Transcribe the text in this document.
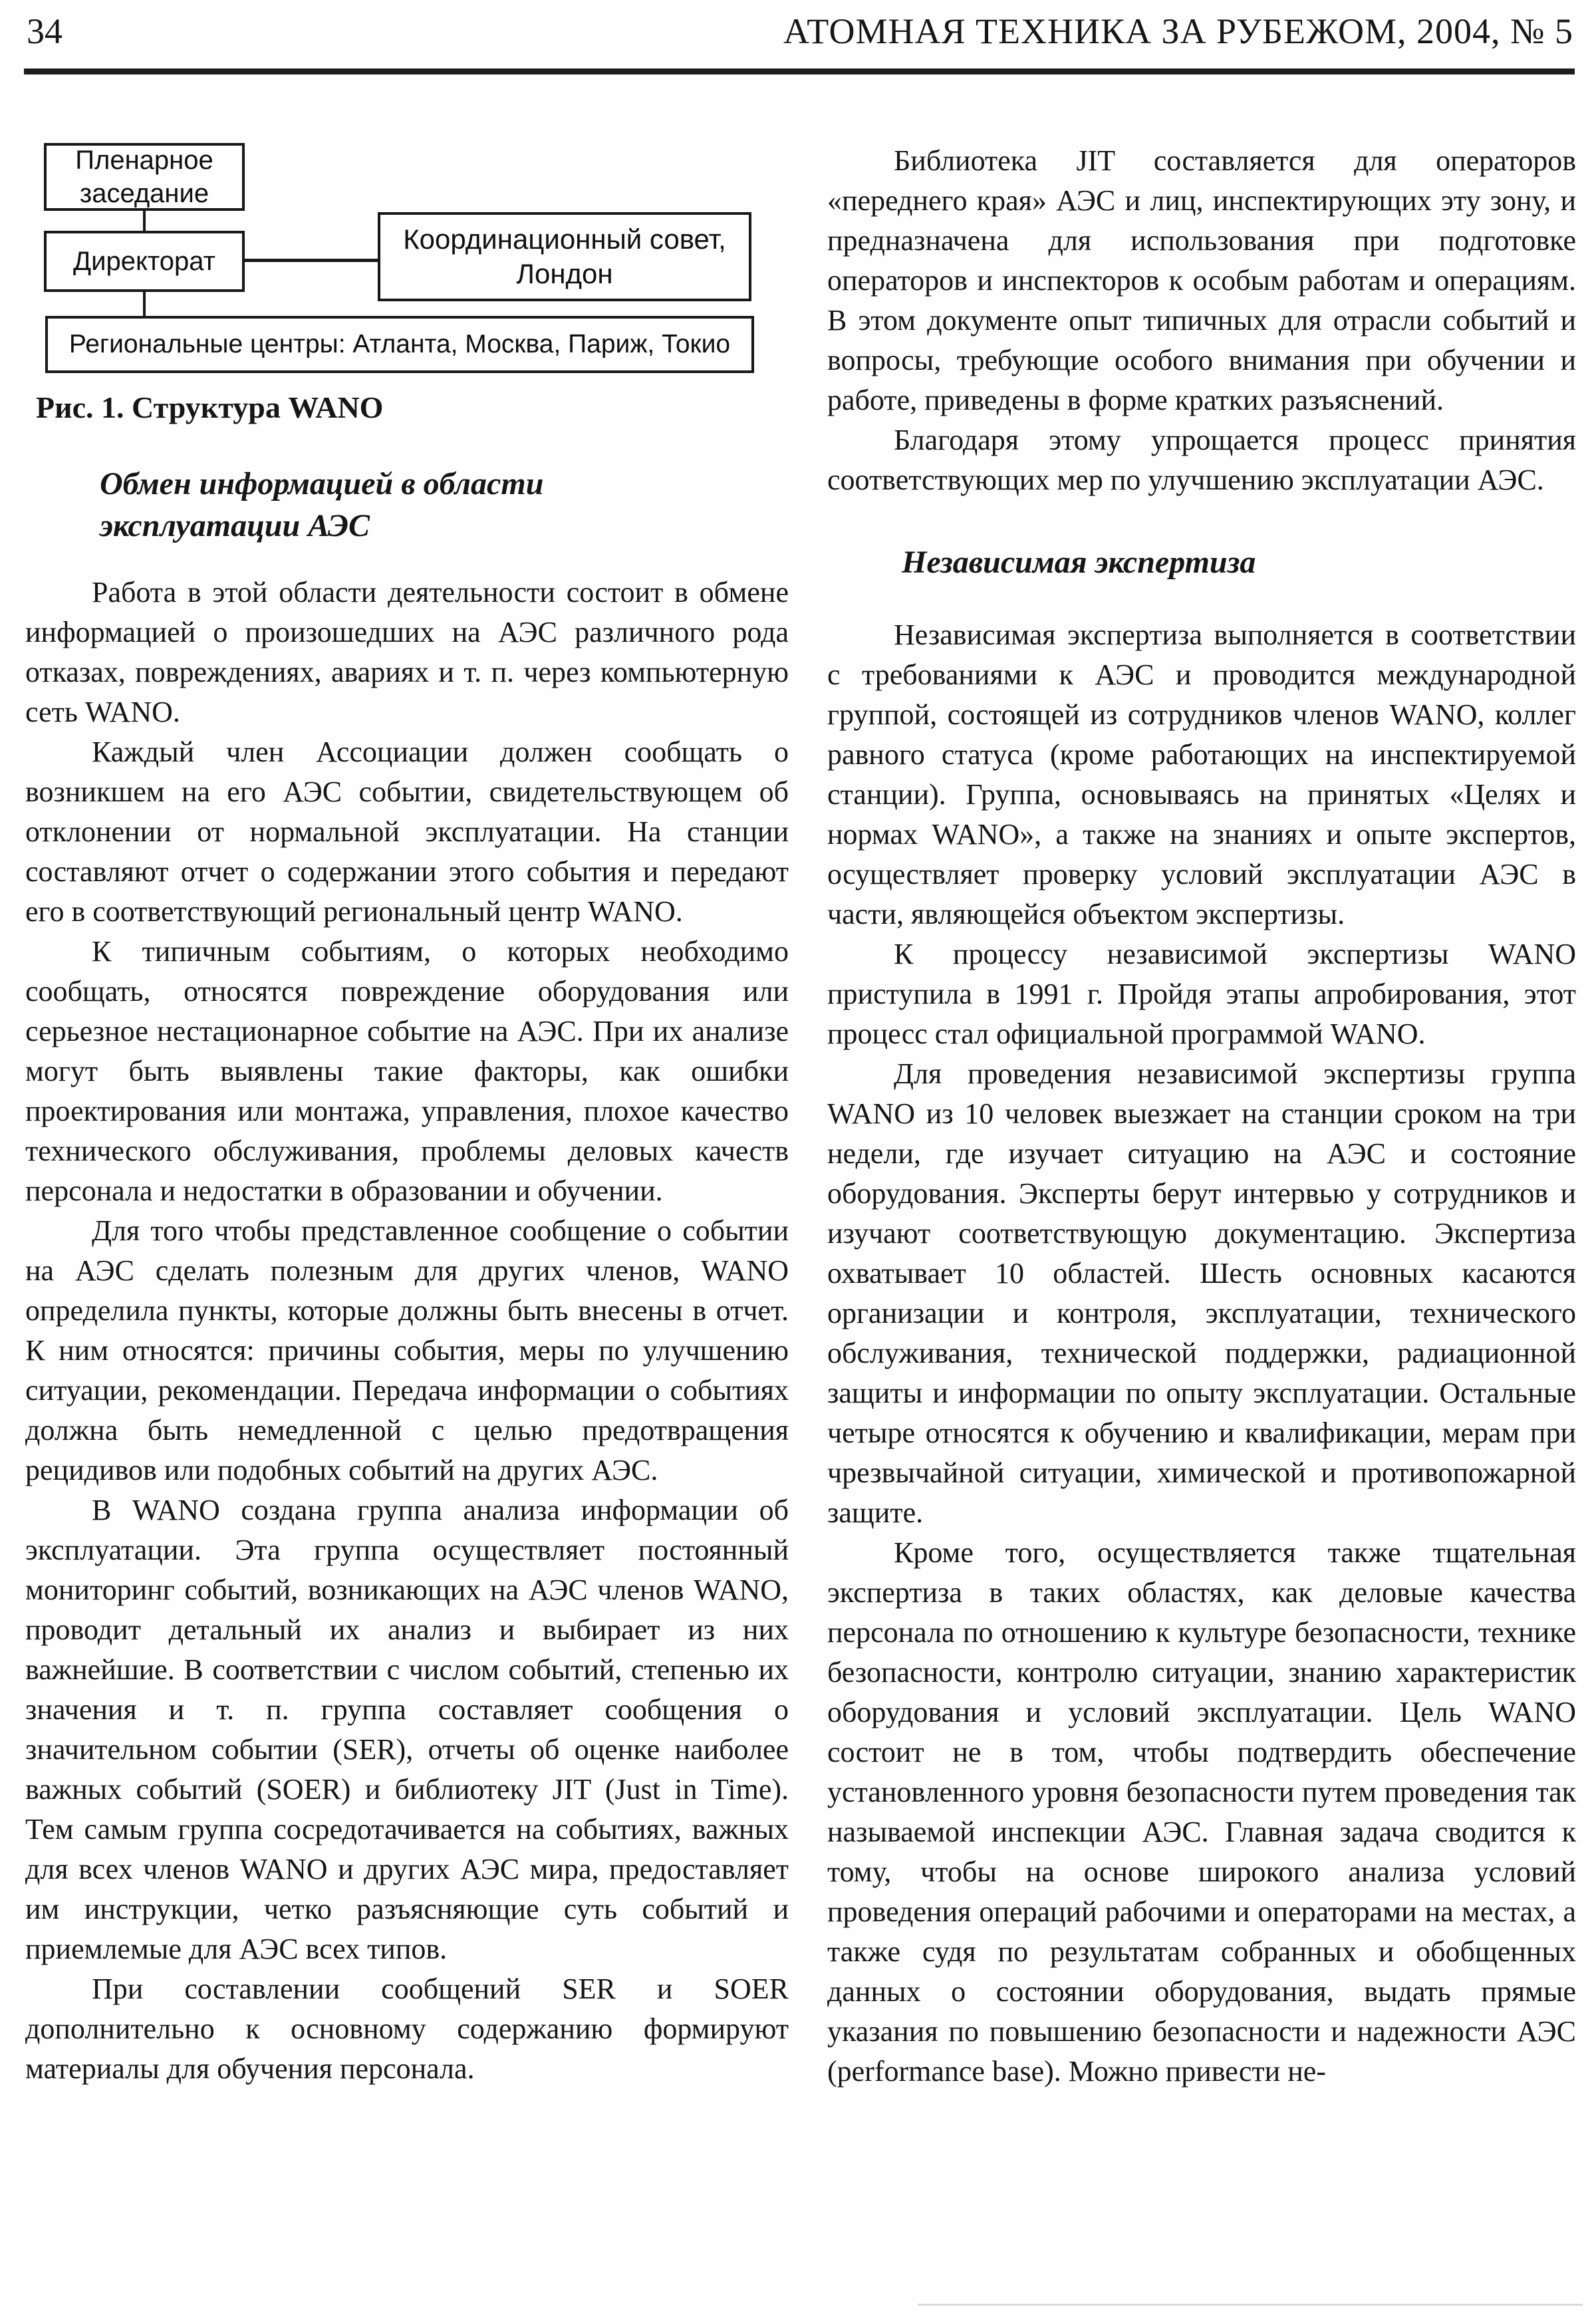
34	АТОМНАЯ ТЕХНИКА ЗА РУБЕЖОМ, 2004, № 5
Пленарное заседание
Директорат
Координационный совет, Лондон
Региональные центры: Атланта, Москва, Париж, Токио
Рис. 1. Структура WANO
Обмен информацией в области эксплуатации АЭС

Работа в этой области деятельности состоит в обмене информацией о произошедших на АЭС различного рода отказах, повреждениях, авариях и т. п. через компьютерную сеть WANO.

Каждый член Ассоциации должен сообщать о возникшем на его АЭС событии, свидетельствующем об отклонении от нормальной эксплуатации. На станции составляют отчет о содержании этого события и передают его в соответствующий региональный центр WANO.

К типичным событиям, о которых необходимо сообщать, относятся повреждение оборудования или серьезное нестационарное событие на АЭС. При их анализе могут быть выявлены такие факторы, как ошибки проектирования или монтажа, управления, плохое качество технического обслуживания, проблемы деловых качеств персонала и недостатки в образовании и обучении.

Для того чтобы представленное сообщение о событии на АЭС сделать полезным для других членов, WANO определила пункты, которые должны быть внесены в отчет. К ним относятся: причины события, меры по улучшению ситуации, рекомендации. Передача информации о событиях должна быть немедленной с целью предотвращения рецидивов или подобных событий на других АЭС.

В WANO создана группа анализа информации об эксплуатации. Эта группа осуществляет постоянный мониторинг событий, возникающих на АЭС членов WANO, проводит детальный их анализ и выбирает из них важнейшие. В соответствии с числом событий, степенью их значения и т. п. группа составляет сообщения о значительном событии (SER), отчеты об оценке наиболее важных событий (SOER) и библиотеку JIT (Just in Time). Тем самым группа сосредотачивается на событиях, важных для всех членов WANO и других АЭС мира, предоставляет им инструкции, четко разъясняющие суть событий и приемлемые для АЭС всех типов.

При составлении сообщений SER и SOER дополнительно к основному содержанию формируют материалы для обучения персонала.

Библиотека JIT составляется для операторов «переднего края» АЭС и лиц, инспектирующих эту зону, и предназначена для использования при подготовке операторов и инспекторов к особым работам и операциям. В этом документе опыт типичных для отрасли событий и вопросы, требующие особого внимания при обучении и работе, приведены в форме кратких разъяснений.

Благодаря этому упрощается процесс принятия соответствующих мер по улучшению эксплуатации АЭС.

Независимая экспертиза

Независимая экспертиза выполняется в соответствии с требованиями к АЭС и проводится международной группой, состоящей из сотрудников членов WANO, коллег равного статуса (кроме работающих на инспектируемой станции). Группа, основываясь на принятых «Целях и нормах WANO», а также на знаниях и опыте экспертов, осуществляет проверку условий эксплуатации АЭС в части, являющейся объектом экспертизы.

К процессу независимой экспертизы WANO приступила в 1991 г. Пройдя этапы апробирования, этот процесс стал официальной программой WANO.

Для проведения независимой экспертизы группа WANO из 10 человек выезжает на станции сроком на три недели, где изучает ситуацию на АЭС и состояние оборудования. Эксперты берут интервью у сотрудников и изучают соответствующую документацию. Экспертиза охватывает 10 областей. Шесть основных касаются организации и контроля, эксплуатации, технического обслуживания, технической поддержки, радиационной защиты и информации по опыту эксплуатации. Остальные четыре относятся к обучению и квалификации, мерам при чрезвычайной ситуации, химической и противопожарной защите.

Кроме того, осуществляется также тщательная экспертиза в таких областях, как деловые качества персонала по отношению к культуре безопасности, технике безопасности, контролю ситуации, знанию характеристик оборудования и условий эксплуатации. Цель WANO состоит не в том, чтобы подтвердить обеспечение установленного уровня безопасности путем проведения так называемой инспекции АЭС. Главная задача сводится к тому, чтобы на основе широкого анализа условий проведения операций рабочими и операторами на местах, а также судя по результатам собранных и обобщенных данных о состоянии оборудования, выдать прямые указания по повышению безопасности и надежности АЭС (performance base). Можно привести не-
